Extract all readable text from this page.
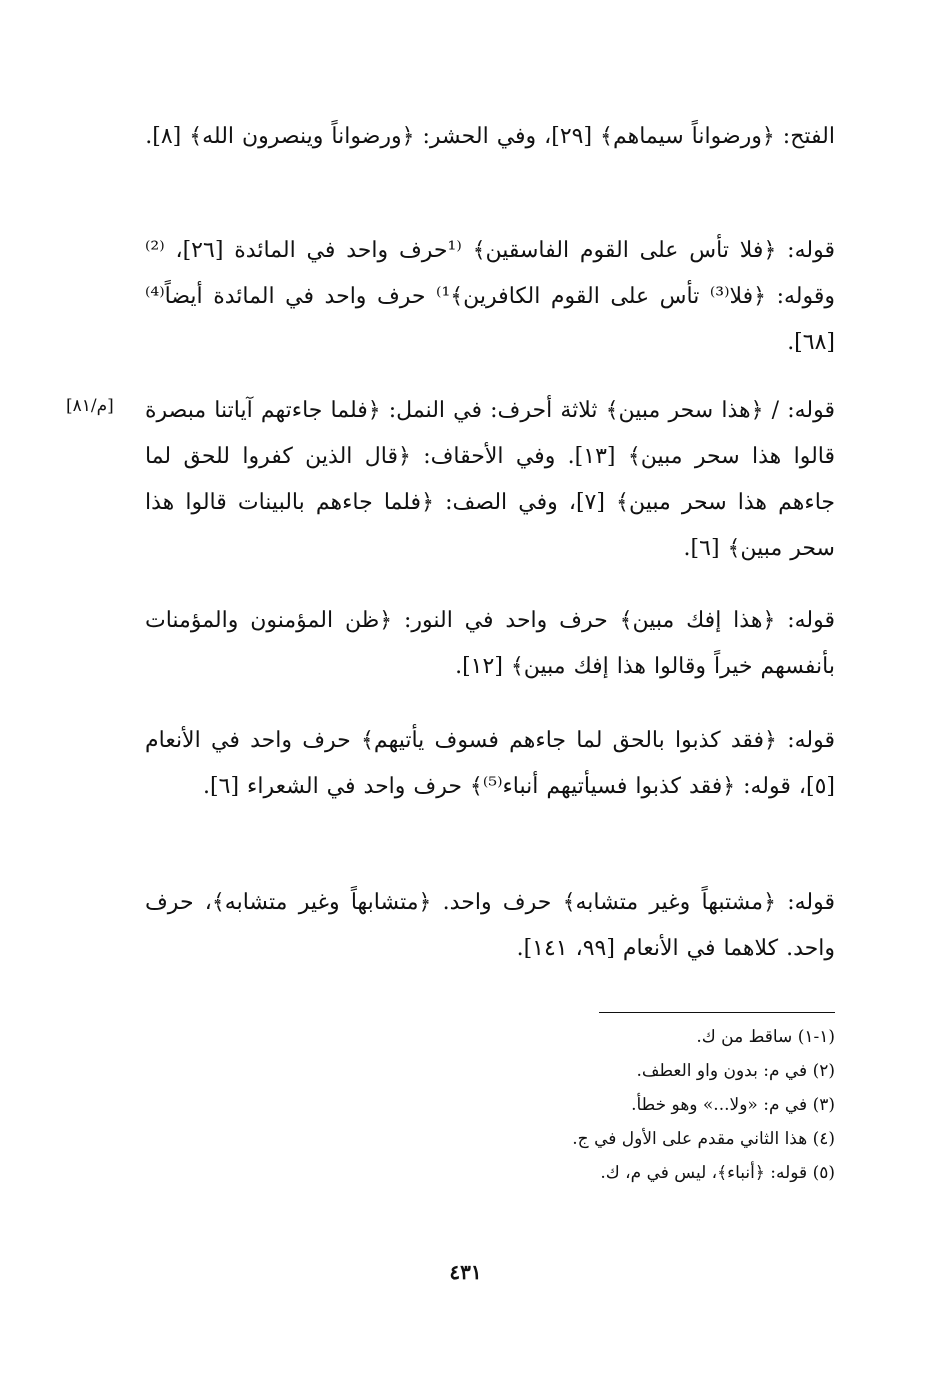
الفتح: ﴿ورضواناً سيماهم﴾ [٢٩]، وفي الحشر: ﴿ورضواناً وينصرون الله﴾ [٨].

قوله: ﴿فلا تأس على القوم الفاسقين﴾ ⁽¹حرف واحد في المائدة [٢٦]، ⁽²⁾وقوله: ﴿فلا⁽³⁾ تأس على القوم الكافرين﴾¹⁾ حرف واحد في المائدة أيضاً⁽⁴⁾ [٦٨].

قوله: / ﴿هذا سحر مبين﴾ ثلاثة أحرف: في النمل: ﴿فلما جاءتهم آياتنا مبصرة قالوا هذا سحر مبين﴾ [١٣]. وفي الأحقاف: ﴿قال الذين كفروا للحق لما جاءهم هذا سحر مبين﴾ [٧]، وفي الصف: ﴿فلما جاءهم بالبينات قالوا هذا سحر مبين﴾ [٦].

[م/٨١]

قوله: ﴿هذا إفك مبين﴾ حرف واحد في النور: ﴿ظن المؤمنون والمؤمنات بأنفسهم خيراً وقالوا هذا إفك مبين﴾ [١٢].

قوله: ﴿فقد كذبوا بالحق لما جاءهم فسوف يأتيهم﴾ حرف واحد في الأنعام [٥]، قوله: ﴿فقد كذبوا فسيأتيهم أنباء⁽⁵⁾﴾ حرف واحد في الشعراء [٦].

قوله: ﴿مشتبهاً وغير متشابه﴾ حرف واحد. ﴿متشابهاً وغير متشابه﴾، حرف واحد. كلاهما في الأنعام [٩٩، ١٤١].

(١-١) ساقط من ك.
(٢) في م: بدون واو العطف.
(٣) في م: «ولا...» وهو خطأ.
(٤) هذا الثاني مقدم على الأول في ج.
(٥) قوله: ﴿أنباء﴾، ليس في م، ك.
٤٣١
